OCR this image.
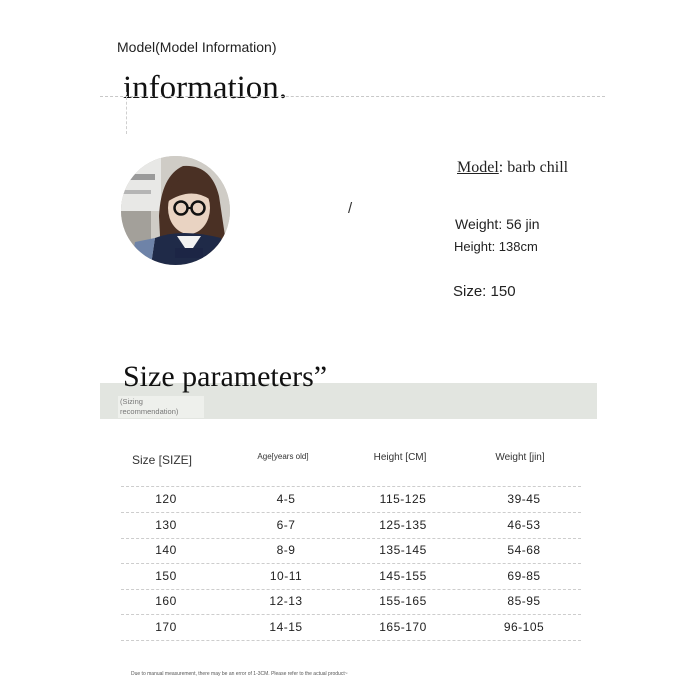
Model(Model Information)
information.
/
Model: barb chill
Weight: 56 jin
Height: 138cm
Size: 150
Size parameters”
(Sizing recommendation)
Size [SIZE]	Age[years old]	Height [CM]	Weight [jin]
120	4-5	115-125	39-45
130	6-7	125-135	46-53
140	8-9	135-145	54-68
150	10-11	145-155	69-85
160	12-13	155-165	85-95
170	14-15	165-170	96-105
Due to manual measurement, there may be an error of 1-3CM. Please refer to the actual product~
